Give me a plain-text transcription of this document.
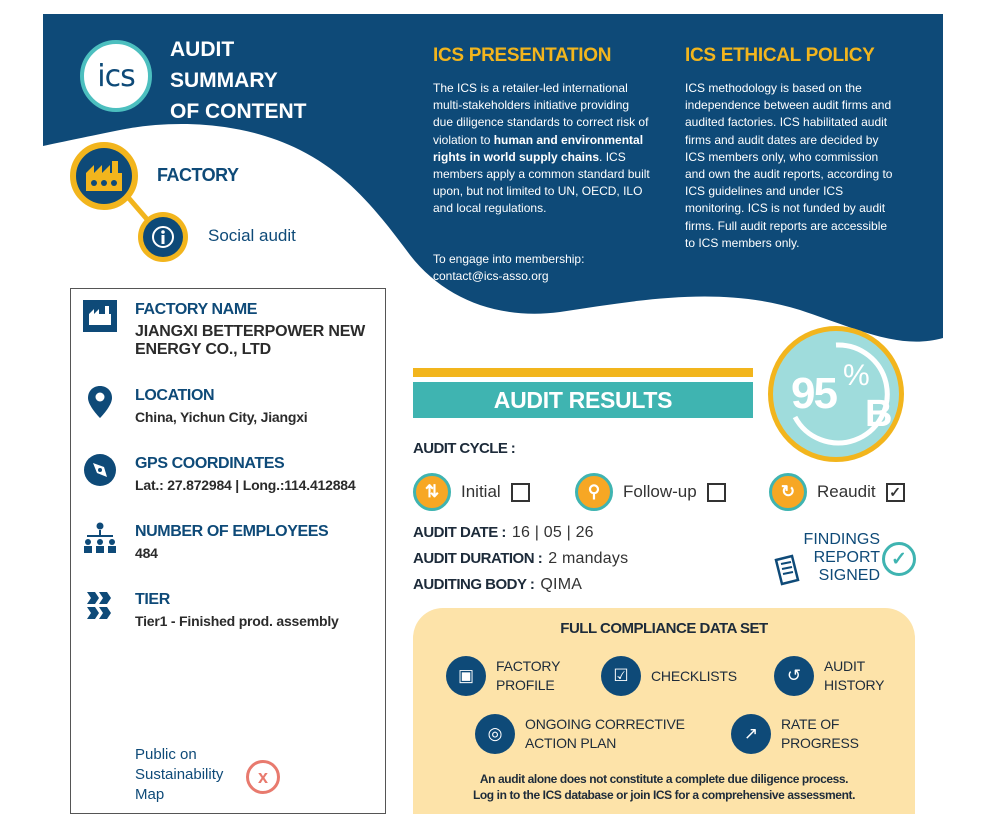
ics
AUDIT
SUMMARY
OF CONTENT
ICS PRESENTATION
The ICS is a retailer-led international multi-stakeholders initiative providing due diligence standards to correct risk of violation to human and environmental rights in world supply chains. ICS members apply a common standard built upon, but not limited to UN, OECD, ILO and local regulations.
To engage into membership:
contact@ics-asso.org
ICS ETHICAL POLICY
ICS methodology is based on the independence between audit firms and audited factories. ICS habilitated audit firms and audit dates are decided by ICS members only, who commission and own the audit reports, according to ICS guidelines and under ICS monitoring. ICS is not funded by audit firms. Full audit reports are accessible to ICS members only.
FACTORY
Social audit
FACTORY NAME
JIANGXI BETTERPOWER NEW ENERGY CO., LTD
LOCATION
China, Yichun City, Jiangxi
GPS COORDINATES
Lat.: 27.872984 | Long.:114.412884
NUMBER OF EMPLOYEES
484
TIER
Tier1 - Finished prod. assembly
Public on Sustainability Map
x
AUDIT RESULTS	95 %
B
AUDIT CYCLE :
⇅	Initial	⚲	Follow-up	↻	Reaudit ✓
AUDIT DATE : 16 | 05 | 26
AUDIT DURATION : 2 mandays
AUDITING BODY : QIMA
FINDINGS REPORT SIGNED
✓
FULL COMPLIANCE DATA SET
▣	FACTORY PROFILE	☑	CHECKLISTS	↺	AUDIT HISTORY
◎	ONGOING CORRECTIVE ACTION PLAN	↗	RATE OF PROGRESS
An audit alone does not constitute a complete due diligence process.
Log in to the ICS database or join ICS for a comprehensive assessment.
